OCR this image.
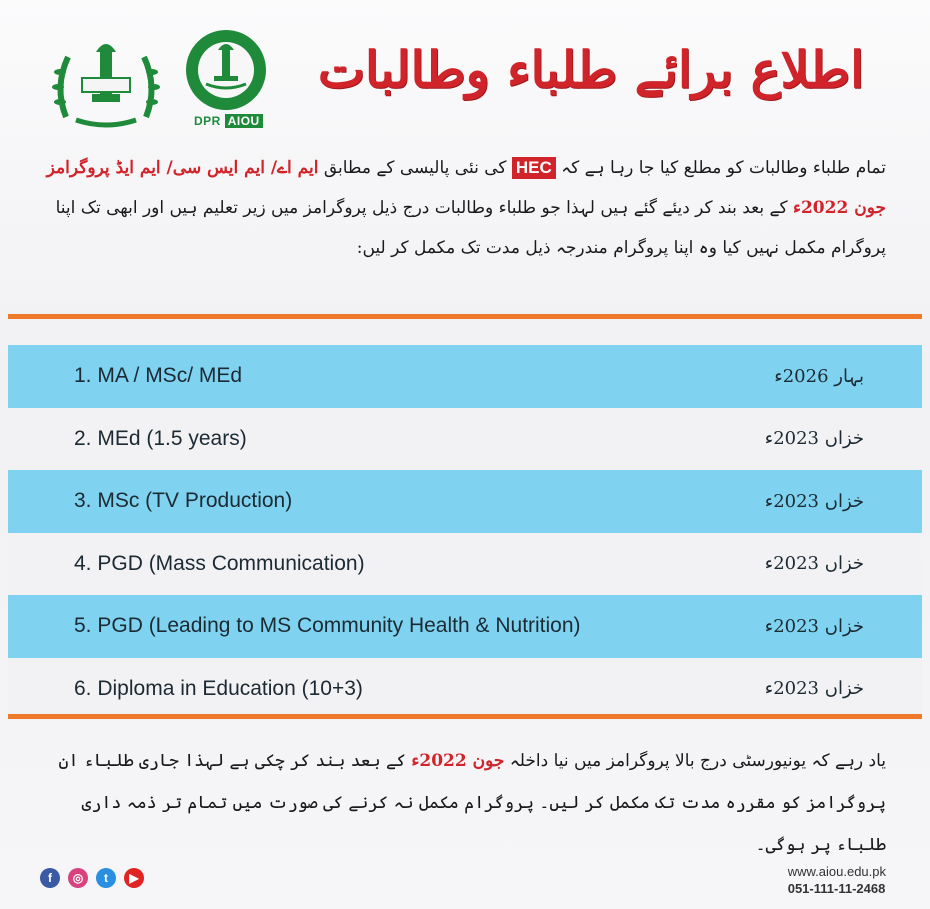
DPR AIOU
اطلاع برائے طلباء وطالبات
تمام طلباء وطالبات کو مطلع کیا جا رہا ہے کہ HEC کی نئی پالیسی کے مطابق ایم اے/ ایم ایس سی/ ایم ایڈ پروگرامز جون 2022ء کے بعد بند کر دیئے گئے ہیں لہذا جو طلباء وطالبات درج ذیل پروگرامز میں زیر تعلیم ہیں اور ابھی تک اپنا پروگرام مکمل نہیں کیا وہ اپنا پروگرام مندرجہ ذیل مدت تک مکمل کر لیں:
1. MA / MSc/ MEd	بہار 2026ء
2. MEd (1.5 years)	خزاں 2023ء
3. MSc (TV Production)	خزاں 2023ء
4. PGD (Mass Communication)	خزاں 2023ء
5. PGD (Leading to MS Community Health & Nutrition)	خزاں 2023ء
6. Diploma in Education (10+3)	خزاں 2023ء
یاد رہے کہ یونیورسٹی درج بالا پروگرامز میں نیا داخلہ جون 2022ء کے بعد بند کر چکی ہے لہذا جاری طلباء ان پروگرامز کو مقررہ مدت تک مکمل کر لیں۔ پروگرام مکمل نہ کرنے کی صورت میں تمام تر ذمہ داری طلباء پر ہوگی۔
f	◎	t	▶	www.aiou.edu.pk
051-111-11-2468
